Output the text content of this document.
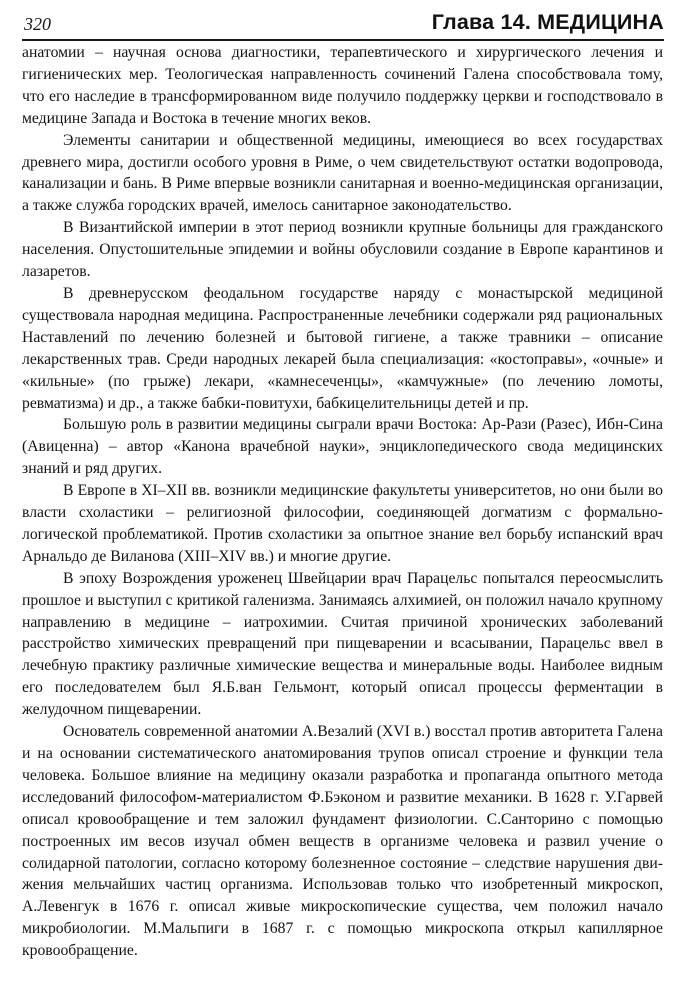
320	Глава 14. МЕДИЦИНА

анатомии – научная основа диагностики, терапевтического и хирургического лечения и гигиенических мер. Теологическая направленность сочинений Галена способствовала тому, что его наследие в трансформированном виде получило поддержку церкви и господствовало в медицине Запада и Востока в течение многих веков.

Элементы санитарии и общественной медицины, имеющиеся во всех государствах древнего мира, достигли особого уровня в Риме, о чем свидетельствуют остатки водопровода, канализации и бань. В Риме впервые возникли санитарная и военно-медицинская организации, а также служба городских врачей, имелось санитарное законодательство.

В Византийской империи в этот период возникли крупные больницы для гражданского населения. Опустошительные эпидемии и войны обусловили создание в Европе карантинов и лазаретов.

В древнерусском феодальном государстве наряду с монастырской медициной существовала народная медицина. Распространенные лечебники содержали ряд рациональных Наставлений по лечению болезней и бытовой гигиене, а также травники – описание лекарственных трав. Среди народных лекарей была специализация: «костоправы», «очные» и «кильные» (по грыже) лекари, «камнесеченцы», «камчужные» (по лечению ломоты, ревматизма) и др., а также бабки-повитухи, бабкицелительницы детей и пр.

Большую роль в развитии медицины сыграли врачи Востока: Ар-Рази (Разес), Ибн-Сина (Авиценна) – автор «Канона врачебной науки», энциклопедического свода медицинских знаний и ряд других.

В Европе в XI–XII вв. возникли медицинские факультеты университетов, но они были во власти схоластики – религиозной философии, соединяющей догматизм с формально-логической проблематикой. Против схоластики за опытное знание вел борьбу испанский врач Арнальдо де Виланова (XIII–XIV вв.) и многие другие.

В эпоху Возрождения уроженец Швейцарии врач Парацельс попытался переосмыслить прошлое и выступил с критикой галенизма. Занимаясь алхимией, он положил начало крупному направлению в медицине – иатрохимии. Считая причиной хронических заболеваний расстройство химических превращений при пищеварении и всасывании, Парацельс ввел в лечебную практику различные химические вещества и минеральные воды. Наиболее видным его последователем был Я.Б.ван Гельмонт, который описал процессы ферментации в желудочном пищеварении.

Основатель современной анатомии А.Везалий (XVI в.) восстал против авторитета Галена и на основании систематического анатомирования трупов описал строение и функции тела человека. Большое влияние на медицину оказали разработка и пропаганда опытного метода исследований философом-материалистом Ф.Бэконом и развитие механики. В 1628 г. У.Гарвей описал кровообращение и тем заложил фундамент физиологии. С.Санторино с помощью построенных им весов изучал обмен веществ в организме человека и развил учение о солидарной патологии, согласно которому болезненное состояние – следствие нарушения движения мельчайших частиц организма. Использовав только что изобретенный микроскоп, А.Левенгук в 1676 г. описал живые микроскопические существа, чем положил начало микробиологии. М.Мальпиги в 1687 г. с помощью микроскопа открыл капиллярное кровообращение.
